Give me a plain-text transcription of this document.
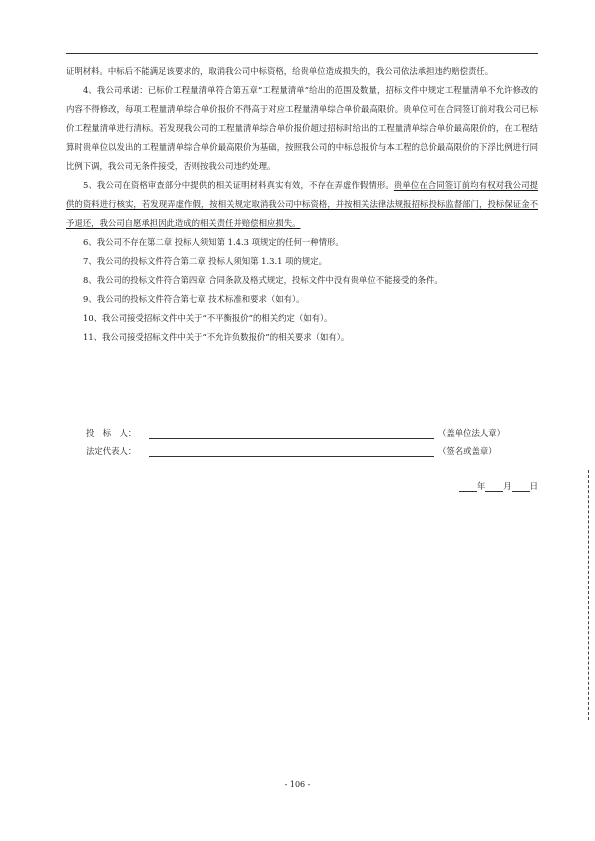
证明材料。中标后不能满足该要求的，取消我公司中标资格，给贵单位造成损失的，我公司依法承担违约赔偿责任。

4、我公司承诺：已标价工程量清单符合第五章“工程量清单”给出的范围及数量，招标文件中规定工程量清单不允许修改的内容不得修改，每项工程量清单综合单价报价不得高于对应工程量清单综合单价最高限价。贵单位可在合同签订前对我公司已标价工程量清单进行清标。若发现我公司的工程量清单综合单价报价超过招标时给出的工程量清单综合单价最高限价的，在工程结算时贵单位以发出的工程量清单综合单价最高限价为基础，按照我公司的中标总报价与本工程的总价最高限价的下浮比例进行同比例下调，我公司无条件接受，否则按我公司违约处理。

5、我公司在资格审查部分中提供的相关证明材料真实有效，不存在弄虚作假情形。贵单位在合同签订前均有权对我公司提供的资料进行核实，若发现弄虚作假，按相关规定取消我公司中标资格，并按相关法律法规报招标投标监督部门，投标保证金不予退还，我公司自愿承担因此造成的相关责任并赔偿相应损失。

6、我公司不存在第二章 投标人须知第 1.4.3 项规定的任何一种情形。

7、我公司的投标文件符合第二章 投标人须知第 1.3.1 项的规定。

8、我公司的投标文件符合第四章 合同条款及格式规定，投标文件中没有贵单位不能接受的条件。

9、我公司的投标文件符合第七章 技术标准和要求（如有）。

10、我公司接受招标文件中关于“不平衡报价”的相关约定（如有）。

11、我公司接受招标文件中关于“不允许负数报价”的相关要求（如有）。

投　标　人：	（盖单位法人章）
法定代表人：	（签名或盖章）
年 月 日
- 106 -
